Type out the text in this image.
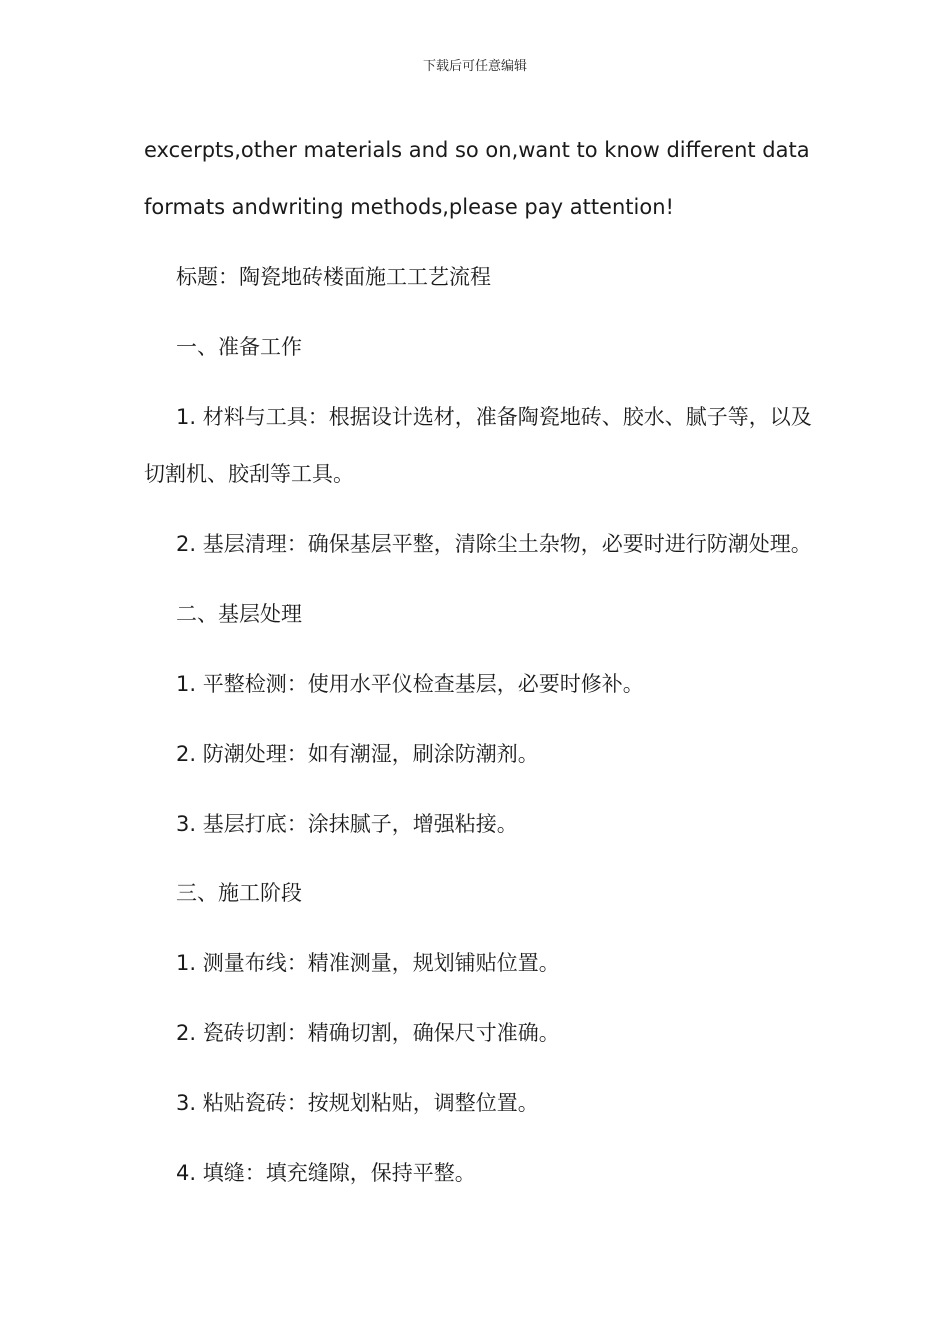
下载后可任意编辑
excerpts,other materials and so on,want to know different data
formats andwriting methods,please pay attention!
标题：陶瓷地砖楼面施工工艺流程
一、准备工作
1. 材料与工具：根据设计选材，准备陶瓷地砖、胶水、腻子等，以及
切割机、胶刮等工具。
2. 基层清理：确保基层平整，清除尘土杂物，必要时进行防潮处理。
二、基层处理
1. 平整检测：使用水平仪检查基层，必要时修补。
2. 防潮处理：如有潮湿，刷涂防潮剂。
3. 基层打底：涂抹腻子，增强粘接。
三、施工阶段
1. 测量布线：精准测量，规划铺贴位置。
2. 瓷砖切割：精确切割，确保尺寸准确。
3. 粘贴瓷砖：按规划粘贴，调整位置。
4. 填缝：填充缝隙，保持平整。
